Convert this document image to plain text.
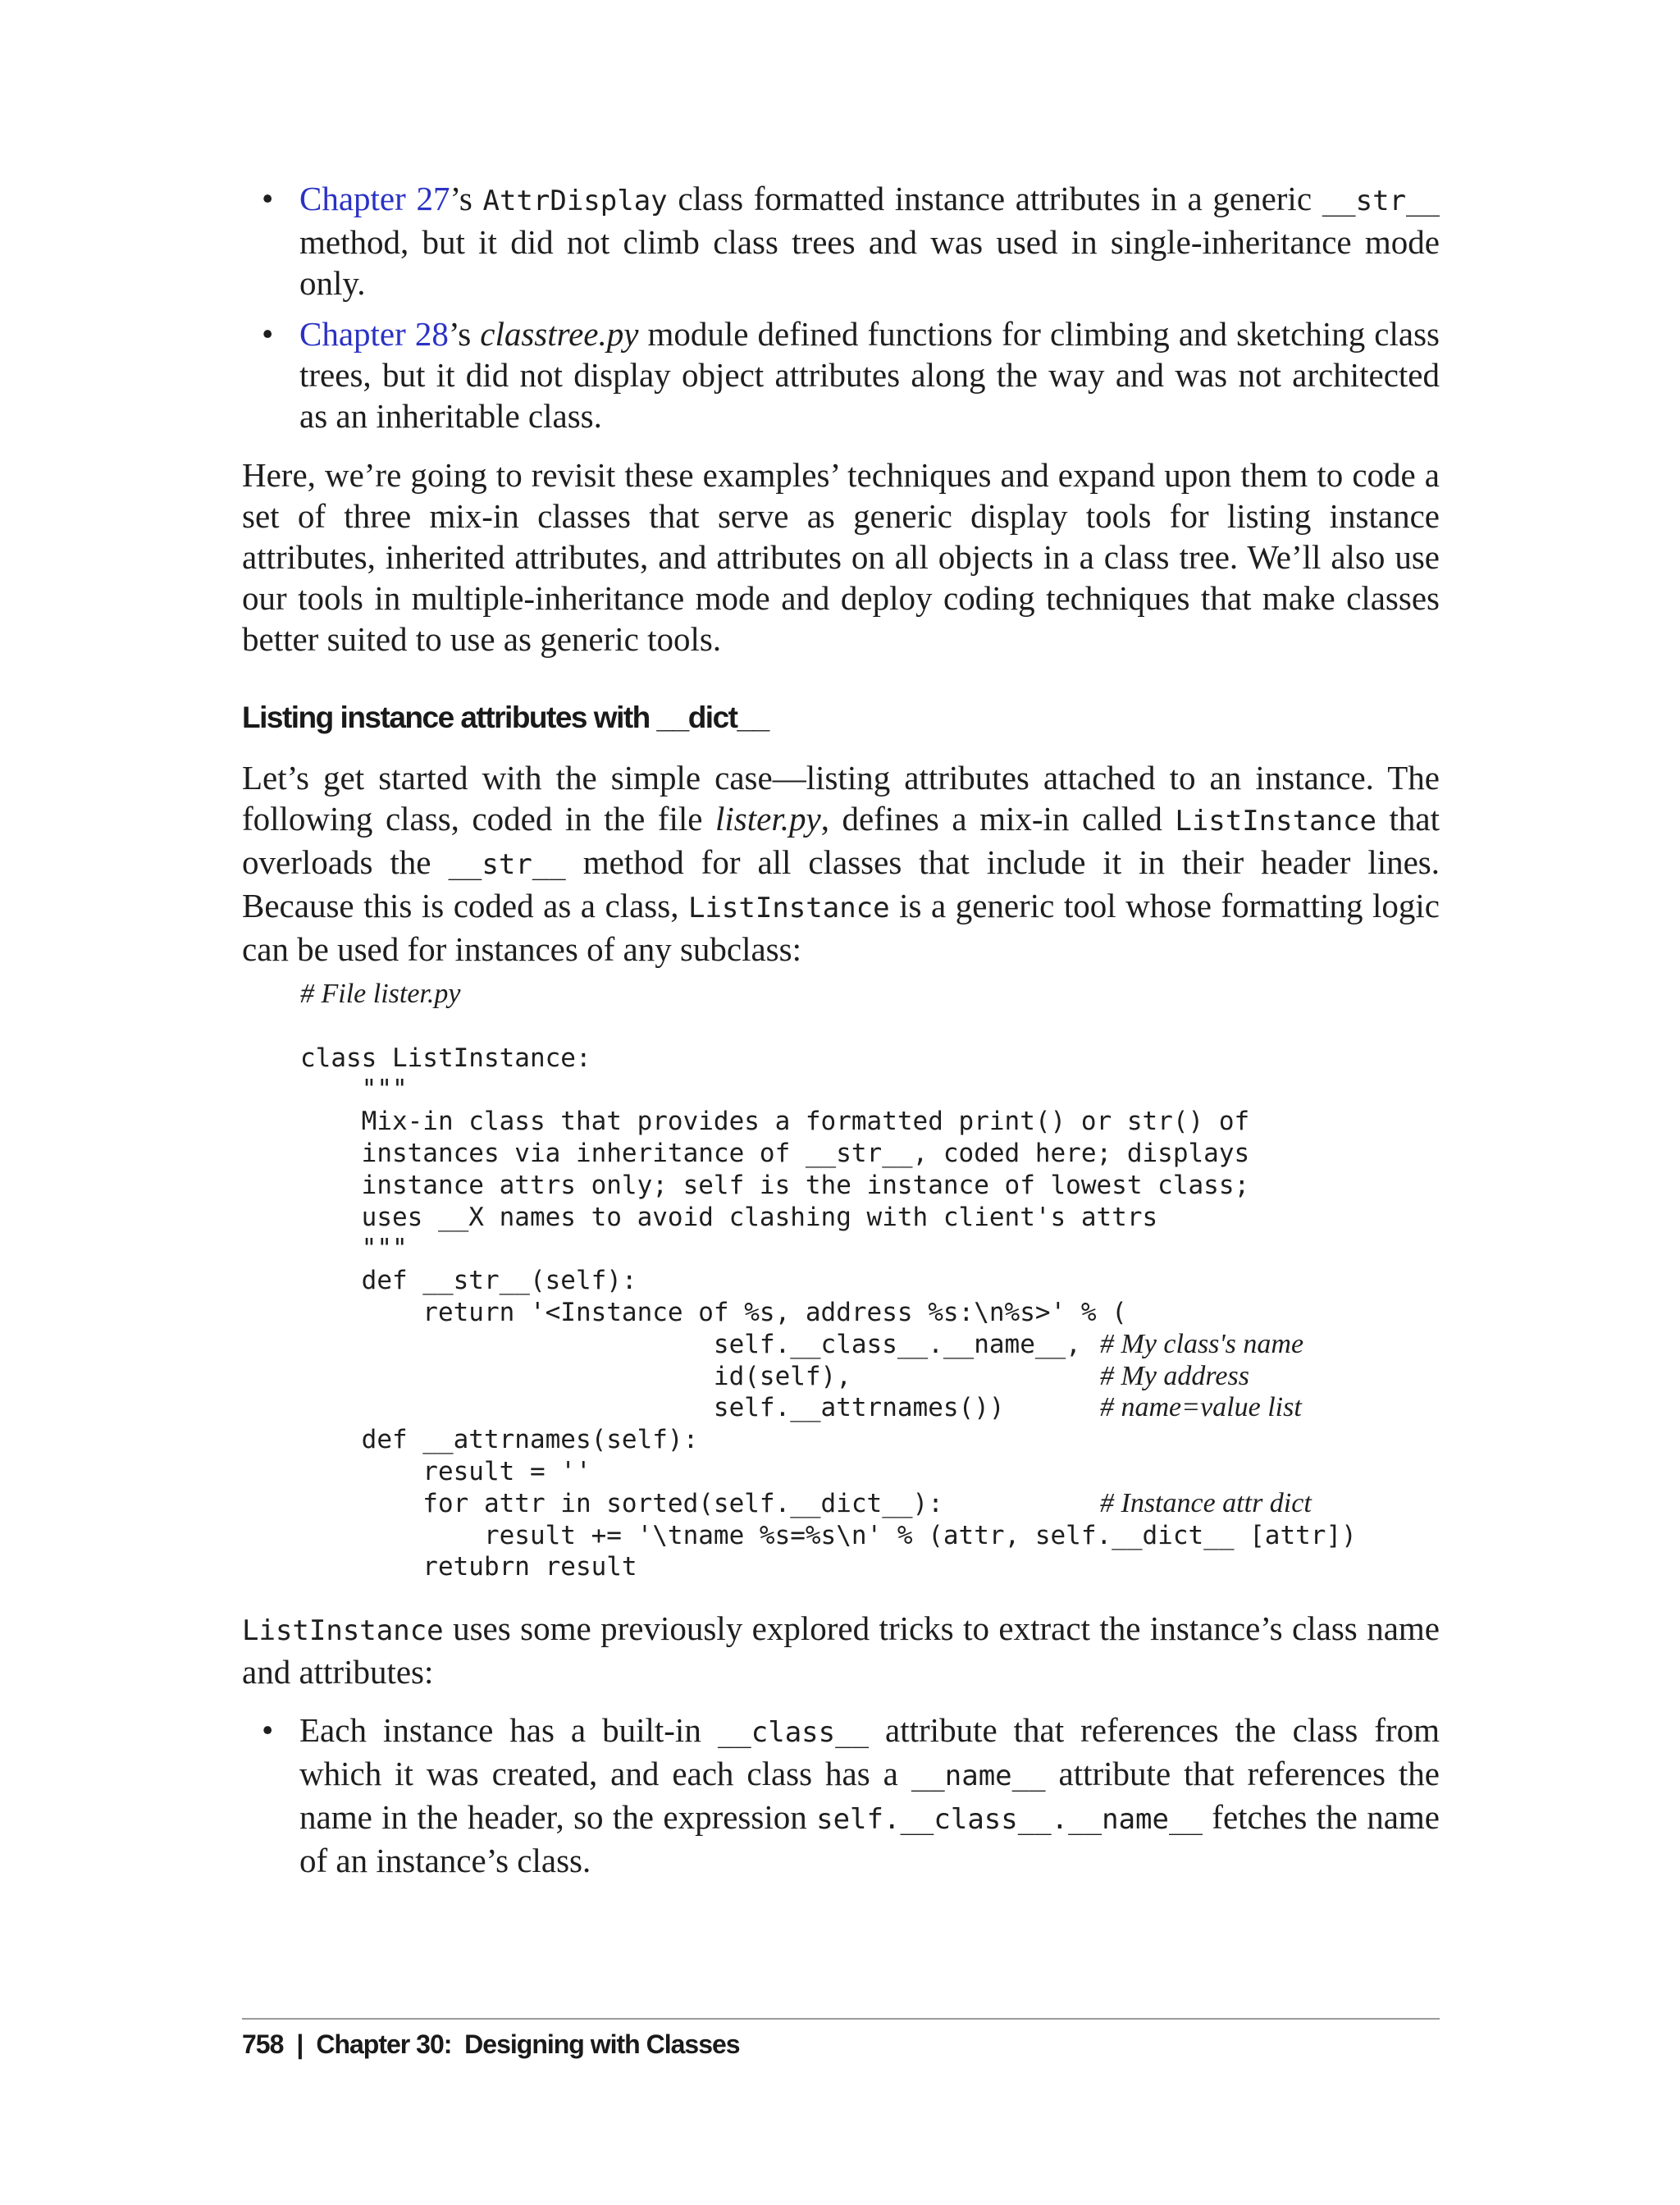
• Chapter 27’s AttrDisplay class formatted instance attributes in a generic __str__ method, but it did not climb class trees and was used in single-inheritance mode only.
• Chapter 28’s classtree.py module defined functions for climbing and sketching class trees, but it did not display object attributes along the way and was not architected as an inheritable class.

Here, we’re going to revisit these examples’ techniques and expand upon them to code a set of three mix-in classes that serve as generic display tools for listing instance attributes, inherited attributes, and attributes on all objects in a class tree. We’ll also use our tools in multiple-inheritance mode and deploy coding techniques that make classes better suited to use as generic tools.

Listing instance attributes with __dict__

Let’s get started with the simple case—listing attributes attached to an instance. The following class, coded in the file lister.py, defines a mix-in called ListInstance that overloads the __str__ method for all classes that include it in their header lines. Because this is coded as a class, ListInstance is a generic tool whose formatting logic can be used for instances of any subclass:

# File lister.py
class ListInstance:
"""
Mix-in class that provides a formatted print() or str() of
instances via inheritance of __str__, coded here; displays
instance attrs only; self is the instance of lowest class;
uses __X names to avoid clashing with client's attrs
"""
def __str__(self):
return '<Instance of %s, address %s:\n%s>' % (
self.__class__.__name__, # My class's name
id(self),	# My address
self.__attrnames())	# name=value list
def __attrnames(self):
result = ''
for attr in sorted(self.__dict__):	# Instance attr dict
result += '\tname %s=%s\n' % (attr, self.__dict__ [attr])
retubrn result

ListInstance uses some previously explored tricks to extract the instance’s class name and attributes:

• Each instance has a built-in __class__ attribute that references the class from which it was created, and each class has a __name__ attribute that references the name in the header, so the expression self.__class__.__name__ fetches the name of an instance’s class.
758 | Chapter 30:  Designing with Classes
